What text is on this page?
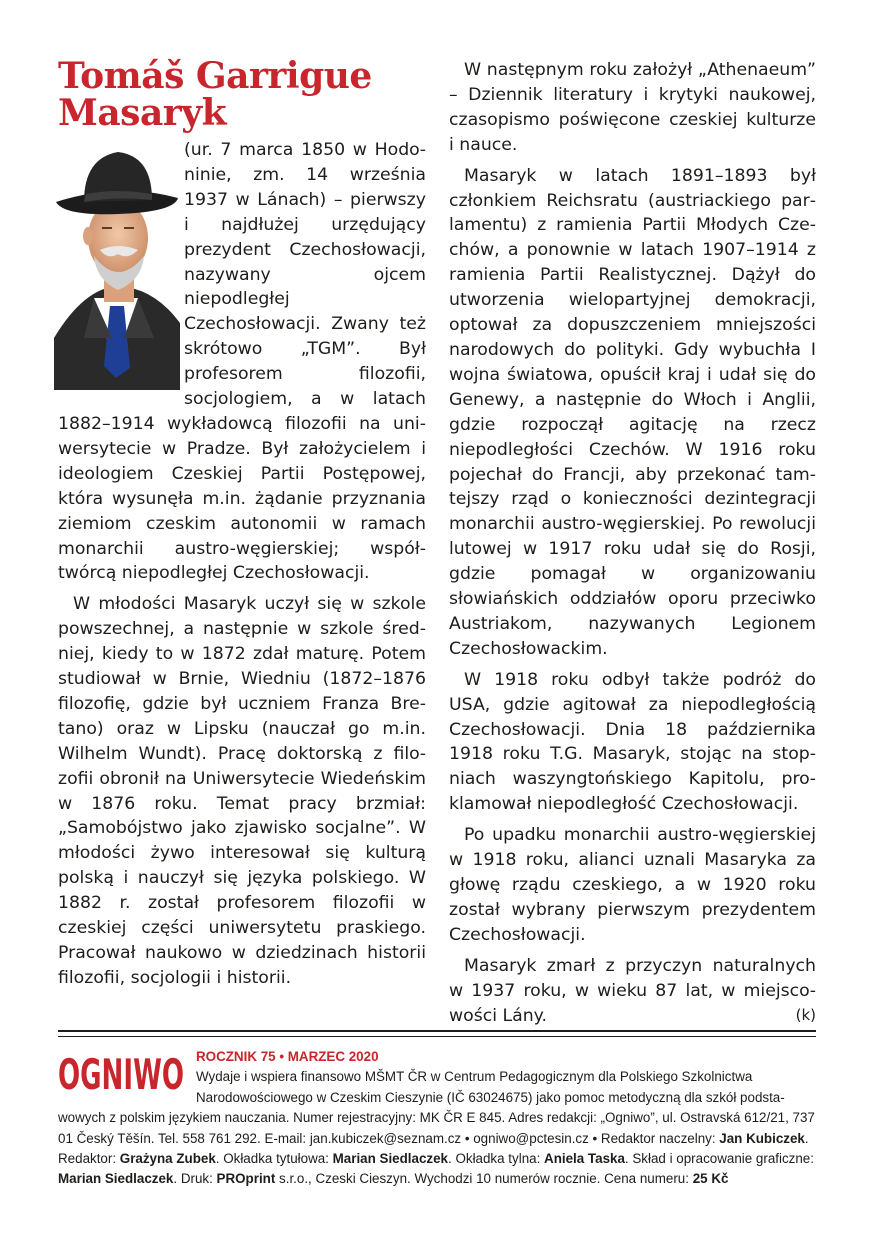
Tomáš Garrigue Masaryk

(ur. 7 marca 1850 w Hodoninie, zm. 14 września 1937 w Lánach) – pierwszy i najdłużej urzędujący prezydent Czechosłowacji, nazywany ojcem niepodległej Czechosłowacji. Zwany też skrótowo „TGM”. Był profesorem filozofii, socjologiem, a w latach 1882–1914 wykładowcą filozofii na uniwersytecie w Pradze. Był założycielem i ideologiem Czeskiej Partii Postępowej, która wysunęła m.in. żądanie przyznania ziemiom czeskim autonomii w ramach monarchii austro-węgierskiej; współtwórcą niepodległej Czechosłowacji.

W młodości Masaryk uczył się w szkole powszechnej, a następnie w szkole średniej, kiedy to w 1872 zdał maturę. Potem studiował w Brnie, Wiedniu (1872–1876 filozofię, gdzie był uczniem Franza Bretano) oraz w Lipsku (nauczał go m.in. Wilhelm Wundt). Pracę doktorską z filozofii obronił na Uniwersytecie Wiedeńskim w 1876 roku. Temat pracy brzmiał: „Samobójstwo jako zjawisko socjalne”. W młodości żywo interesował się kulturą polską i nauczył się języka polskiego. W 1882 r. został profesorem filozofii w czeskiej części uniwersytetu praskiego. Pracował naukowo w dziedzinach historii filozofii, socjologii i historii.

W następnym roku założył „Athenaeum” – Dziennik literatury i krytyki naukowej, czasopismo poświęcone czeskiej kulturze i nauce.

Masaryk w latach 1891–1893 był członkiem Reichsratu (austriackiego parlamentu) z ramienia Partii Młodych Czechów, a ponownie w latach 1907–1914 z ramienia Partii Realistycznej. Dążył do utworzenia wielopartyjnej demokracji, optował za dopuszczeniem mniejszości narodowych do polityki. Gdy wybuchła I wojna światowa, opuścił kraj i udał się do Genewy, a następnie do Włoch i Anglii, gdzie rozpoczął agitację na rzecz niepodległości Czechów. W 1916 roku pojechał do Francji, aby przekonać tamtejszy rząd o konieczności dezintegracji monarchii austro-węgierskiej. Po rewolucji lutowej w 1917 roku udał się do Rosji, gdzie pomagał w organizowaniu słowiańskich oddziałów oporu przeciwko Austriakom, nazywanych Legionem Czechosłowackim.

W 1918 roku odbył także podróż do USA, gdzie agitował za niepodległością Czechosłowacji. Dnia 18 października 1918 roku T.G. Masaryk, stojąc na stopniach waszyngtońskiego Kapitolu, proklamował niepodległość Czechosłowacji.

Po upadku monarchii austro-węgierskiej w 1918 roku, alianci uznali Masaryka za głowę rządu czeskiego, a w 1920 roku został wybrany pierwszym prezydentem Czechosłowacji.

Masaryk zmarł z przyczyn naturalnych w 1937 roku, w wieku 87 lat, w miejscowości Lány.	(k)
OGNIWO ROCZNIK 75 • MARZEC 2020
Wydaje i wspiera finansowo MŠMT ČR w Centrum Pedagogicznym dla Polskiego Szkolnictwa Narodowościowego w Czeskim Cieszynie (IČ 63024675) jako pomoc metodyczną dla szkół podstawowych z polskim językiem nauczania. Numer rejestracyjny: MK ČR E 845. Adres redakcji: „Ogniwo”, ul. Ostravská 612/21, 737 01 Český Těšín. Tel. 558 761 292. E-mail: jan.kubiczek@seznam.cz • ogniwo@pctesin.cz • Redaktor naczelny: Jan Kubiczek. Redaktor: Grażyna Zubek. Okładka tytułowa: Marian Siedlaczek. Okładka tylna: Aniela Taska. Skład i opracowanie graficzne: Marian Siedlaczek. Druk: PROprint s.r.o., Czeski Cieszyn. Wychodzi 10 numerów rocznie. Cena numeru: 25 Kč
